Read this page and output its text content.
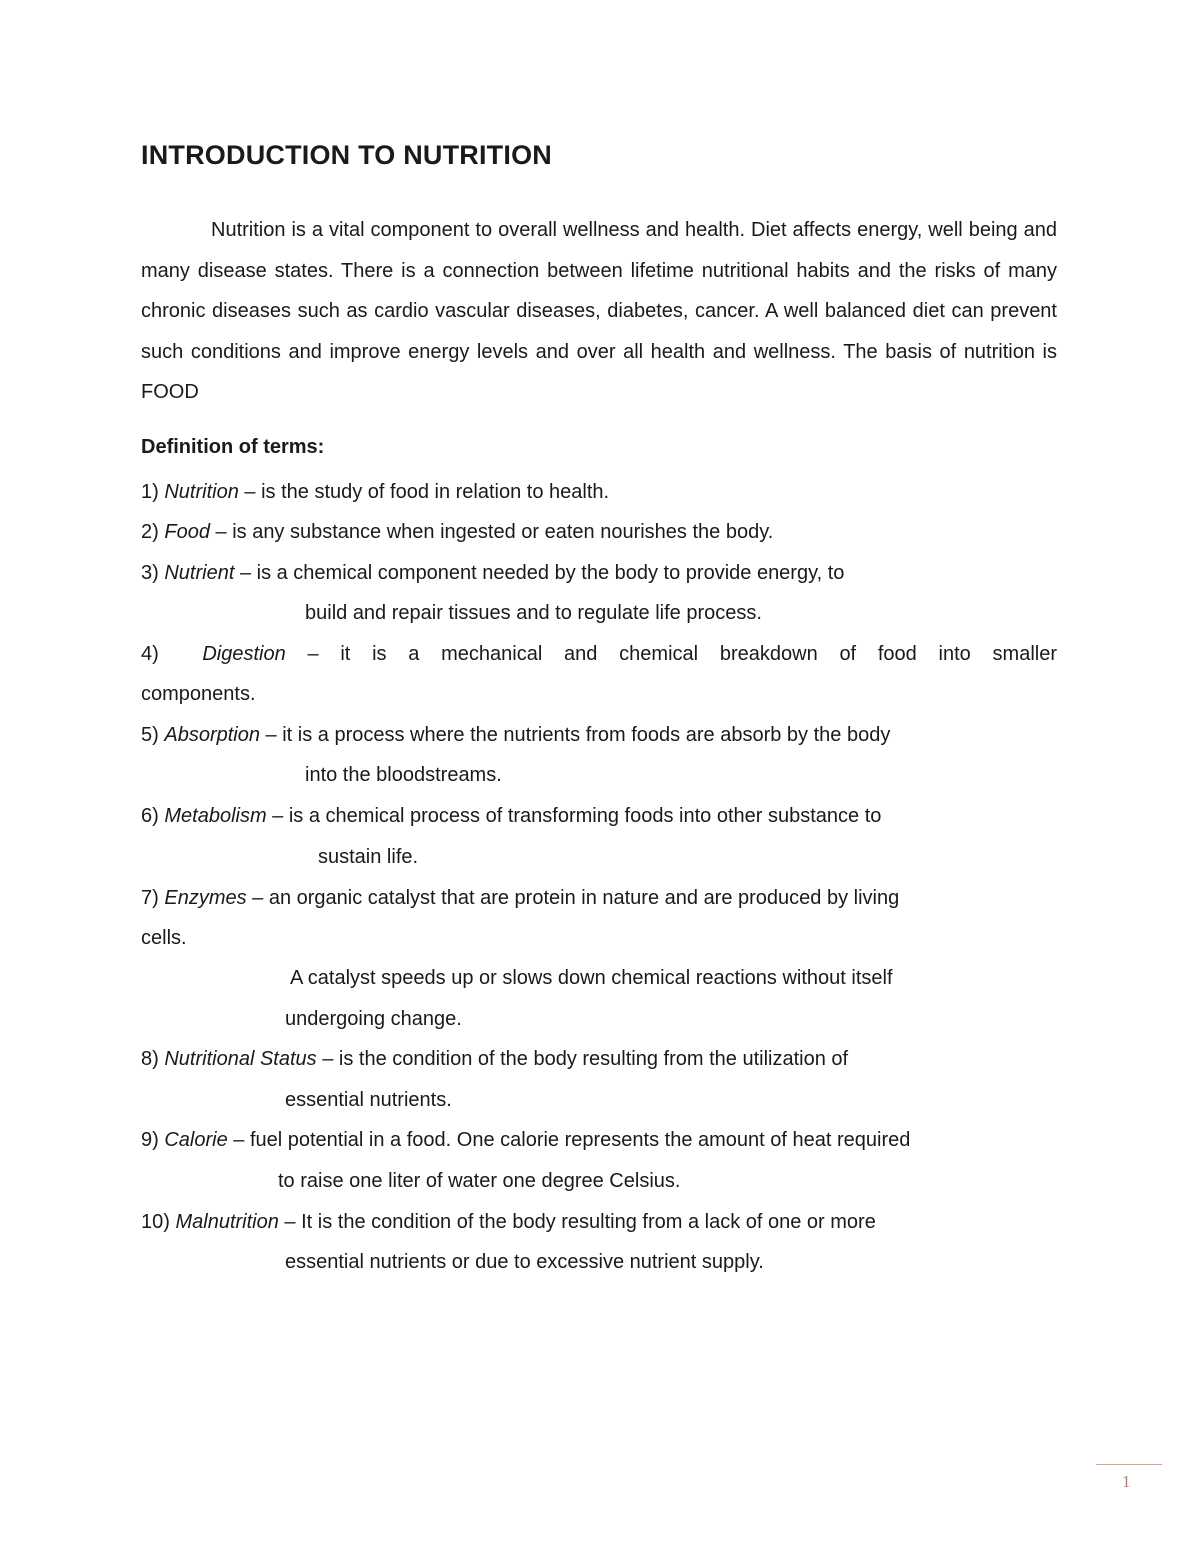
INTRODUCTION TO NUTRITION

Nutrition is a vital component to overall wellness and health. Diet affects energy, well being and many disease states. There is a connection between lifetime nutritional habits and the risks of many chronic diseases such as cardio vascular diseases, diabetes, cancer. A well balanced diet can prevent such conditions and improve energy levels and over all health and wellness. The basis of nutrition is FOOD

Definition of terms:

1) Nutrition – is the study of food in relation to health.

2) Food – is any substance when ingested or eaten nourishes the body.

3) Nutrient – is a chemical component needed by the body to provide energy, to

build and repair tissues and to regulate life process.

4) Digestion – it is a mechanical and chemical breakdown of food into smaller

components.

5) Absorption – it is a process where the nutrients from foods are absorb by the body

into the bloodstreams.

6) Metabolism – is a chemical process of transforming foods into other substance to

sustain life.

7) Enzymes – an organic catalyst that are protein in nature and are produced by living

cells.

A catalyst speeds up or slows down chemical reactions without itself

undergoing change.

8) Nutritional Status – is the condition of the body resulting from the utilization of

essential nutrients.

9) Calorie – fuel potential in a food. One calorie represents the amount of heat required

to raise one liter of water one degree Celsius.

10) Malnutrition – It is the condition of the body resulting from a lack of one or more

essential nutrients or due to excessive nutrient supply.

1
